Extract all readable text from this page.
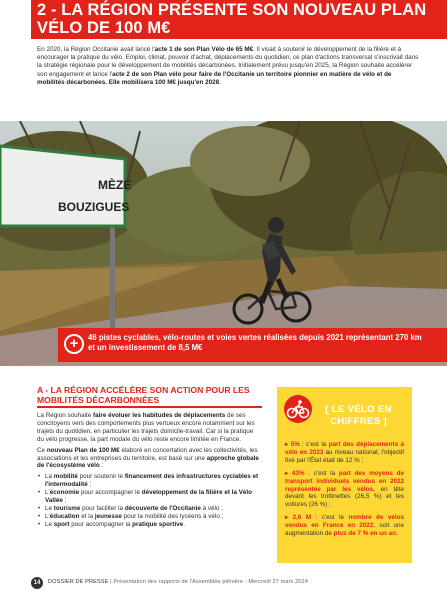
2 - LA RÉGION PRÉSENTE SON NOUVEAU PLAN
VÉLO DE 100 M€
En 2020, la Région Occitanie avait lancé l'acte 1 de son Plan Vélo de 65 M€. Il visait à soutenir le développement de la filière et à encourager la pratique du vélo. Emploi, climat, pouvoir d'achat, déplacements du quotidien, ce plan d'actions transversal s'inscrivait dans la stratégie régionale pour le développement de mobilités décarbonées. Initialement prévu jusqu'en 2025, la Région souhaite accélérer son engagement et lance l'acte 2 de son Plan vélo pour faire de l'Occitanie un territoire pionnier en matière de vélo et de mobilités décarbonées. Elle mobilisera 100 M€ jusqu'en 2028.
MÈZE
BOUZIGUES
+	46 pistes cyclables, vélo-routes et voies vertes réalisées depuis 2021 représentant 270 km et un investissement de 8,5 M€
A - LA RÉGION ACCÉLÈRE SON ACTION POUR LES MOBILITÉS DÉCARBONNÉES

La Région souhaite faire évoluer les habitudes de déplacements de ses concitoyens vers des comportements plus vertueux encore notamment sur les trajets du quotidien, en particulier les trajets domicile-travail. Car si la pratique du vélo progresse, la part modale du vélo reste encore limitée en France.

Ce nouveau Plan de 100 M€ élaboré en concertation avec les collectivités, les associations et les entreprises du territoire, est basé sur une approche globale de l'écosystème vélo :

• La mobilité pour soutenir le financement des infrastructures cyclables et l'intermodalité ;
• L'économie pour accompagner le développement de la filière et la Vélo Vallée ;
• Le tourisme pour faciliter la découverte de l'Occitanie à vélo ;
• L'éducation et la jeunesse pour la mobilité des lycéens à vélo ;
• Le sport pour accompagner la pratique sportive.
[ LE VÉLO EN
CHIFFRES ]

▸ 5% : c'est la part des déplacements à vélo en 2023 au niveau national, l'objectif fixé par l'État était de 12 % ;

▸ 43% : c'est la part des moyens de transport individuels vendus en 2022 représentée par les vélos, en tête devant les trottinettes (26,5 %) et les voitures (26 %) ;

▸ 2,6 M : c'est le nombre de vélos vendus en France en 2022, soit une augmentation de plus de 7 % en un an.

14	DOSSIER DE PRESSE | Présentation des rapports de l'Assemblée plénière - Mercredi 27 mars 2024
